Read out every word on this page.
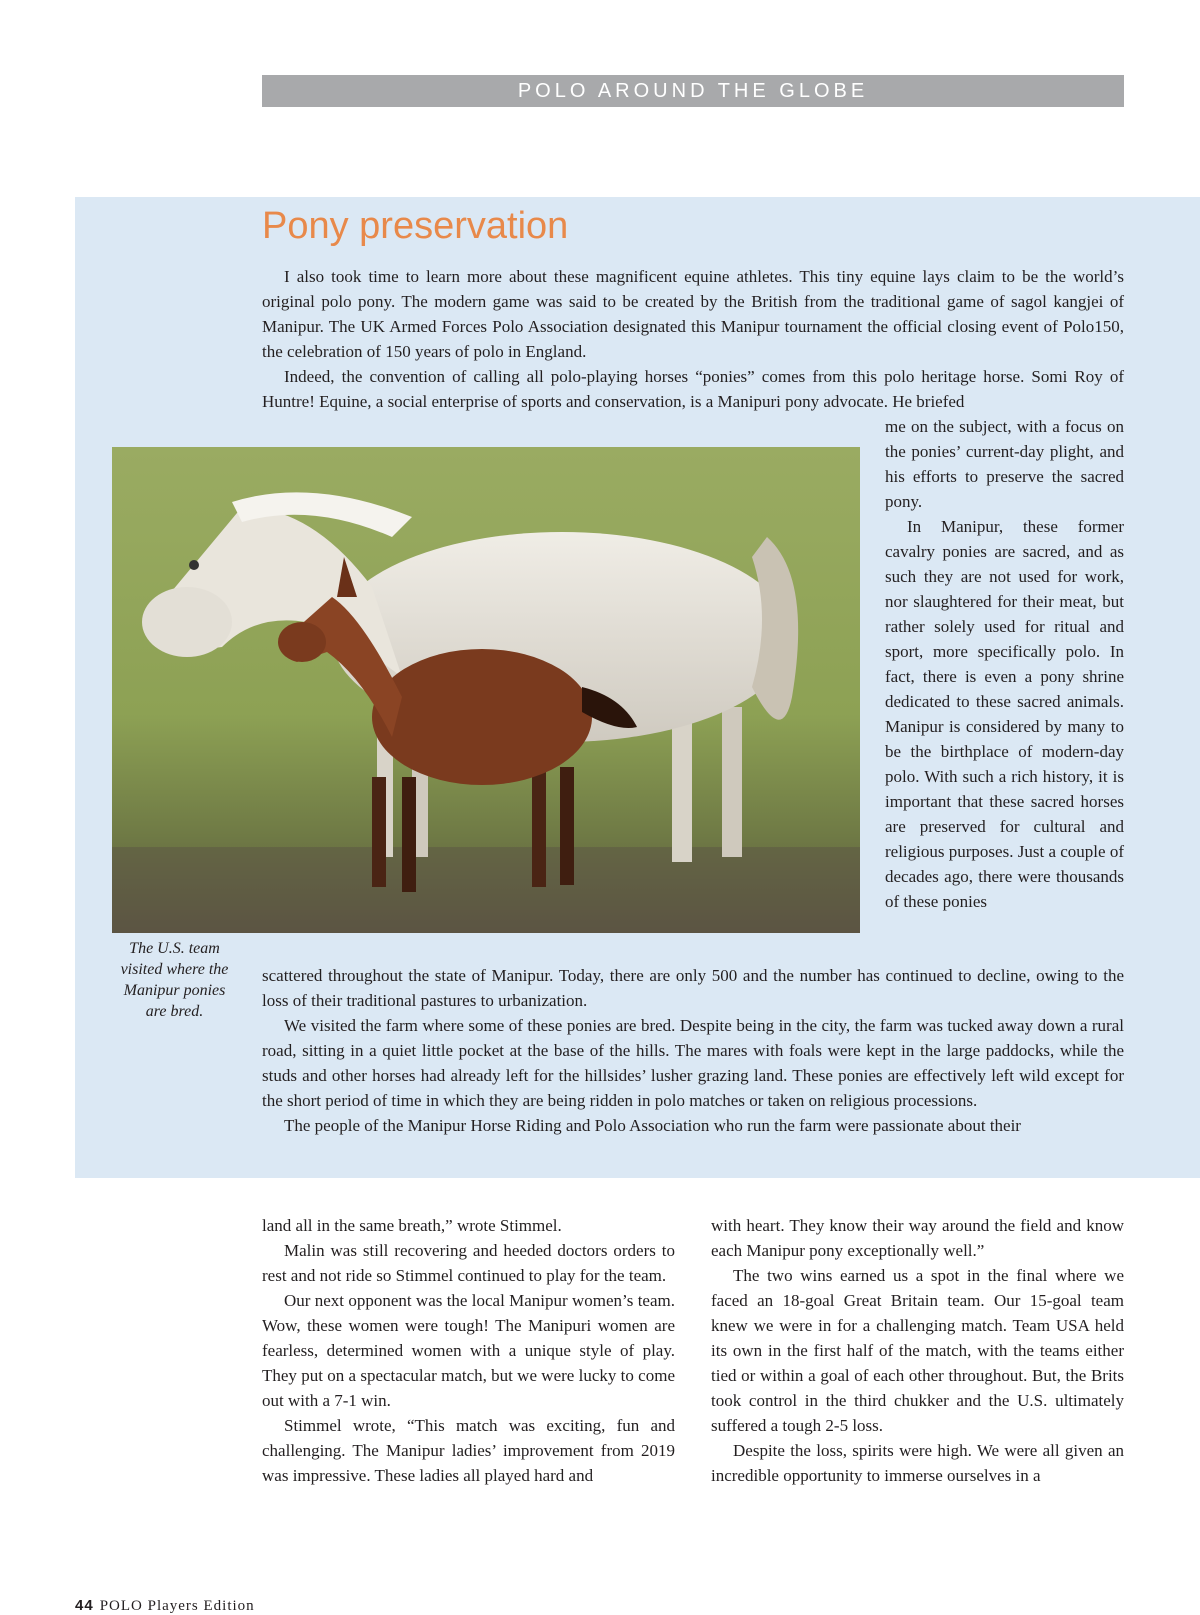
POLO AROUND THE GLOBE
Pony preservation

I also took time to learn more about these magnificent equine athletes. This tiny equine lays claim to be the world’s original polo pony. The modern game was said to be created by the British from the traditional game of sagol kangjei of Manipur. The UK Armed Forces Polo Association designated this Manipur tournament the official closing event of Polo150, the celebration of 150 years of polo in England.

Indeed, the convention of calling all polo-playing horses “ponies” comes from this polo heritage horse. Somi Roy of Huntre! Equine, a social enterprise of sports and conservation, is a Manipuri pony advocate. He briefed

me on the subject, with a focus on the ponies’ current-day plight, and his efforts to preserve the sacred pony.

In Manipur, these former cavalry ponies are sacred, and as such they are not used for work, nor slaughtered for their meat, but rather solely used for ritual and sport, more specifically polo. In fact, there is even a pony shrine dedicated to these sacred animals. Manipur is considered by many to be the birthplace of modern-day polo. With such a rich history, it is important that these sacred horses are preserved for cultural and religious purposes. Just a couple of decades ago, there were thousands of these ponies

The U.S. team visited where the Manipur ponies are bred.

scattered throughout the state of Manipur. Today, there are only 500 and the number has continued to decline, owing to the loss of their traditional pastures to urbanization.

We visited the farm where some of these ponies are bred. Despite being in the city, the farm was tucked away down a rural road, sitting in a quiet little pocket at the base of the hills. The mares with foals were kept in the large paddocks, while the studs and other horses had already left for the hillsides’ lusher grazing land. These ponies are effectively left wild except for the short period of time in which they are being ridden in polo matches or taken on religious processions.

The people of the Manipur Horse Riding and Polo Association who run the farm were passionate about their

land all in the same breath,” wrote Stimmel.

Malin was still recovering and heeded doctors orders to rest and not ride so Stimmel continued to play for the team.

Our next opponent was the local Manipur women’s team. Wow, these women were tough! The Manipuri women are fearless, determined women with a unique style of play. They put on a spectacular match, but we were lucky to come out with a 7-1 win.

Stimmel wrote, “This match was exciting, fun and challenging. The Manipur ladies’ improvement from 2019 was impressive. These ladies all played hard and

with heart. They know their way around the field and know each Manipur pony exceptionally well.”

The two wins earned us a spot in the final where we faced an 18-goal Great Britain team. Our 15-goal team knew we were in for a challenging match. Team USA held its own in the first half of the match, with the teams either tied or within a goal of each other throughout. But, the Brits took control in the third chukker and the U.S. ultimately suffered a tough 2-5 loss.

Despite the loss, spirits were high. We were all given an incredible opportunity to immerse ourselves in a

44 POLO Players Edition
